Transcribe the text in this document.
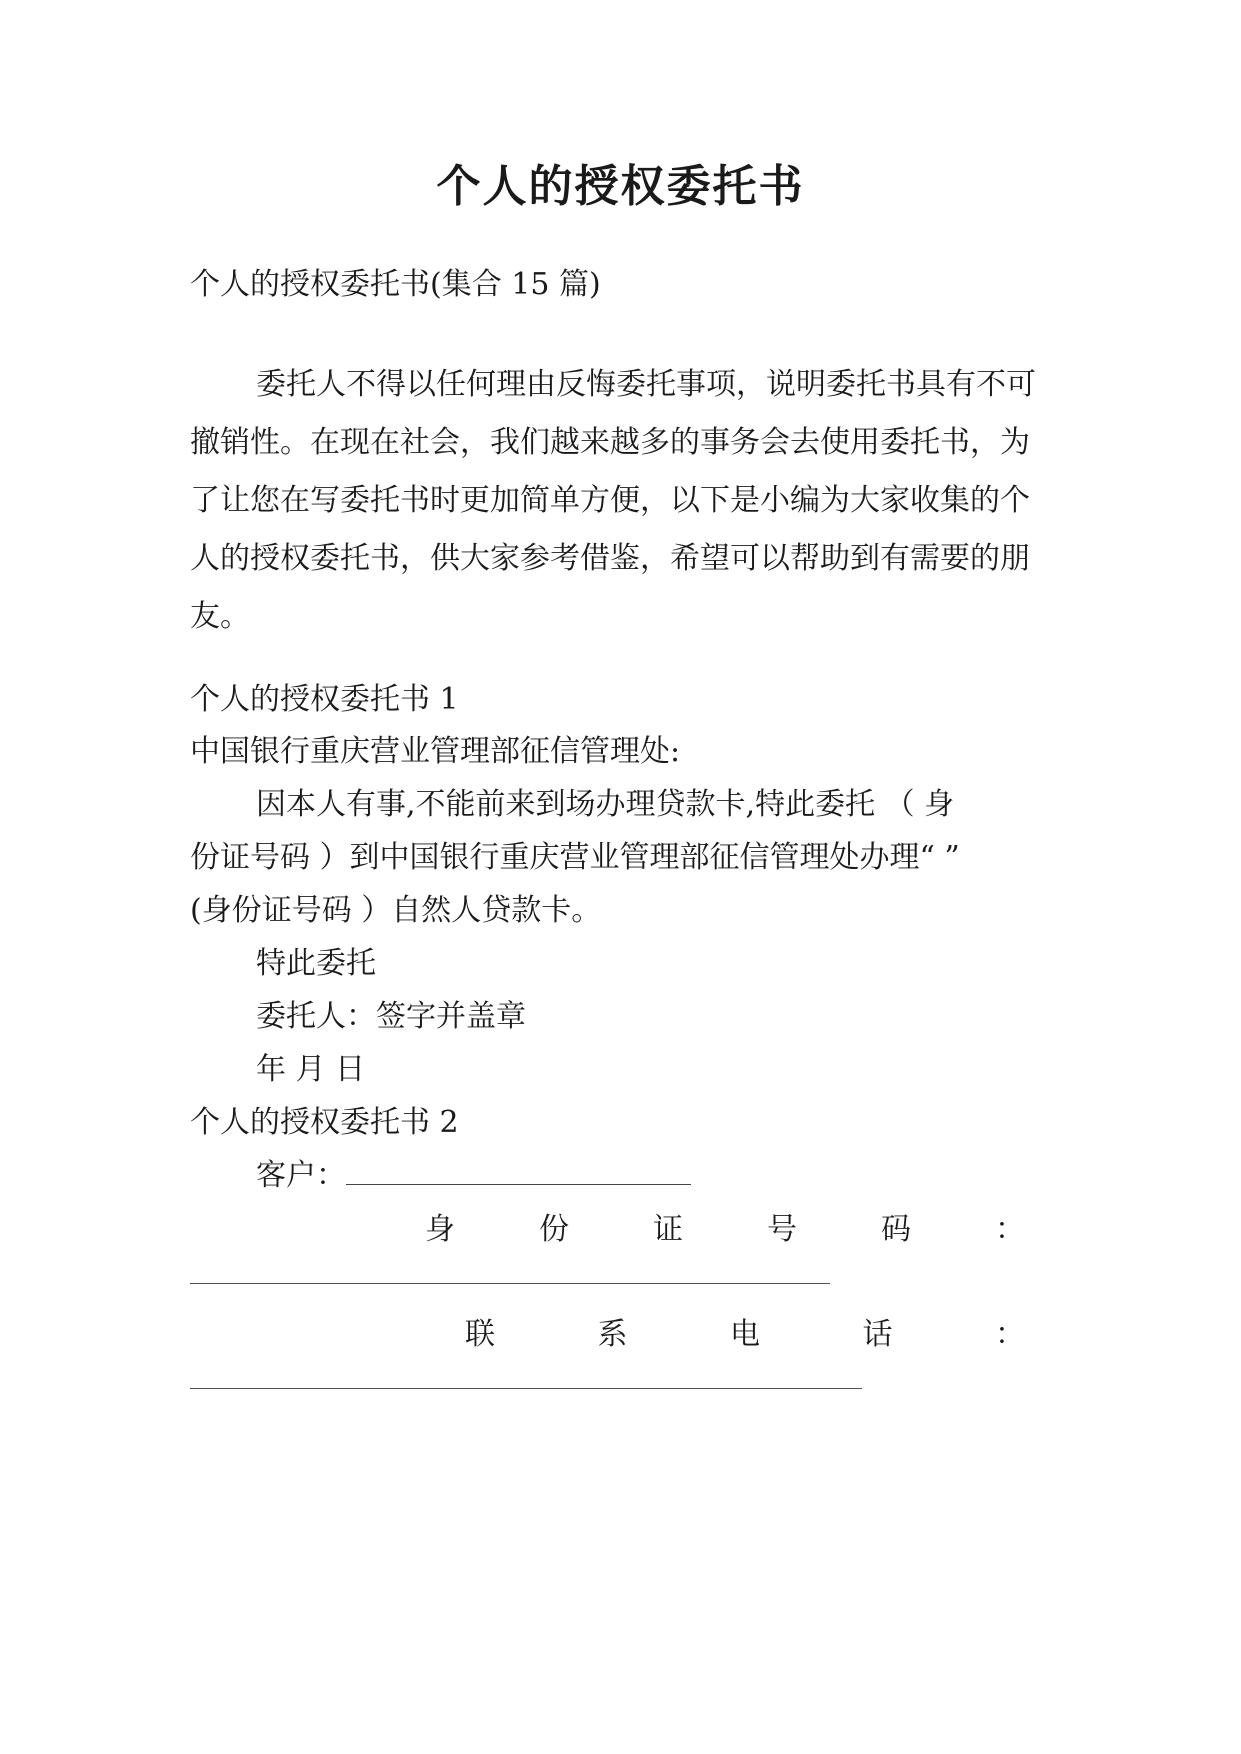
个人的授权委托书

个人的授权委托书(集合 15 篇)

委托人不得以任何理由反悔委托事项，说明委托书具有不可撤销性。在现在社会，我们越来越多的事务会去使用委托书，为了让您在写委托书时更加简单方便，以下是小编为大家收集的个人的授权委托书，供大家参考借鉴，希望可以帮助到有需要的朋友。

个人的授权委托书 1

中国银行重庆营业管理部征信管理处:

因本人有事,不能前来到场办理贷款卡,特此委托 （ 身

份证号码 ）到中国银行重庆营业管理部征信管理处办理“ ”

(身份证号码 ）自然人贷款卡。

特此委托

委托人：签字并盖章

年 月 日

个人的授权委托书 2

客户：

身	份	证	号	码	：
联	系	电	话	：
